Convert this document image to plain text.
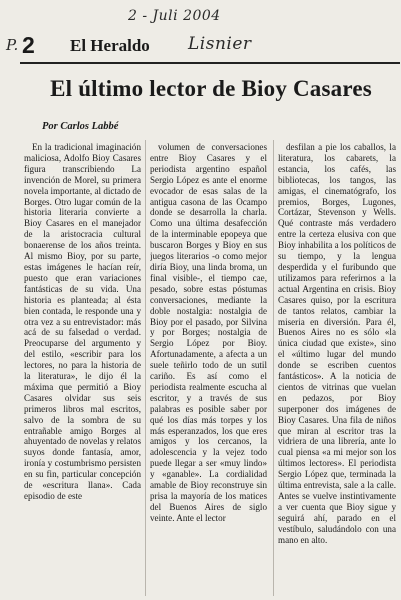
2 - Juli 2004
P. 2 El Heraldo Lisnier
El último lector de Bioy Casares
Por Carlos Labbé

En la tradicional imaginación maliciosa, Adolfo Bioy Casares figura transcribiendo La invención de Morel, su primera novela importante, al dictado de Borges. Otro lugar común de la historia literaria convierte a Bioy Casares en el manejador de la aristocracia cultural bonaerense de los años treinta. Al mismo Bioy, por su parte, estas imágenes le hacían reír, puesto que eran variaciones fantásticas de su vida. Una historia es planteada; al ésta bien contada, le responde una y otra vez a su entrevistador: más acá de su falsedad o verdad. Preocuparse del argumento y del estilo, «escribir para los lectores, no para la historia de la literatura», le dijo él la máxima que permitió a Bioy Casares olvidar sus seis primeros libros mal escritos, salvo de la sombra de su entrañable amigo Borges al ahuyentado de novelas y relatos suyos donde fantasía, amor, ironía y costumbrismo persisten en su fin, particular concepción de «escritura llana». Cada episodio de este

volumen de conversaciones entre Bioy Casares y el periodista argentino español Sergio López es ante el enorme evocador de esas salas de la antigua casona de las Ocampo donde se desarrolla la charla. Como una última desafección de la interminable epopeya que buscaron Borges y Bioy en sus juegos literarios -o como mejor diría Bioy, una linda broma, un final visible-, el tiempo cae, pesado, sobre estas póstumas conversaciones, mediante la doble nostalgia: nostalgia de Bioy por el pasado, por Silvina y por Borges; nostalgia de Sergio López por Bioy. Afortunadamente, a afecta a un suele teñirlo todo de un sutil cariño. Es así como el periodista realmente escucha al escritor, y a través de sus palabras es posible saber por qué los días más torpes y los más esperanzados, los que eres amigos y los cercanos, la adolescencia y la vejez todo puede llegar a ser «muy lindo» y «ganable». La cordialidad amable de Bioy reconstruye sin prisa la mayoría de los matices del Buenos Aires de siglo veinte. Ante el lector

desfilan a pie los caballos, la literatura, los cabarets, la estancia, los cafés, las bibliotecas, los tangos, las amigas, el cinematógrafo, los premios, Borges, Lugones, Cortázar, Stevenson y Wells. Qué contraste más verdadero entre la certeza elusiva con que Bioy inhabilita a los políticos de su tiempo, y la lengua desperdida y el furibundo que utilizamos para referirnos a la actual Argentina en crisis. Bioy Casares quiso, por la escritura de tantos relatos, cambiar la miseria en diversión. Para él, Buenos Aires no es sólo «la única ciudad que existe», sino el «último lugar del mundo donde se escriben cuentos fantásticos». A la noticia de cientos de vitrinas que vuelan en pedazos, por Bioy superponer dos imágenes de Bioy Casares. Una fila de niños que miran al escritor tras la vidriera de una librería, ante lo cual piensa «a mi mejor son los últimos lectores». El periodista Sergio López que, terminada la última entrevista, sale a la calle. Antes se vuelve instintivamente a ver cuenta que Bioy sigue y seguirá ahí, parado en el vestíbulo, saludándolo con una mano en alto.
